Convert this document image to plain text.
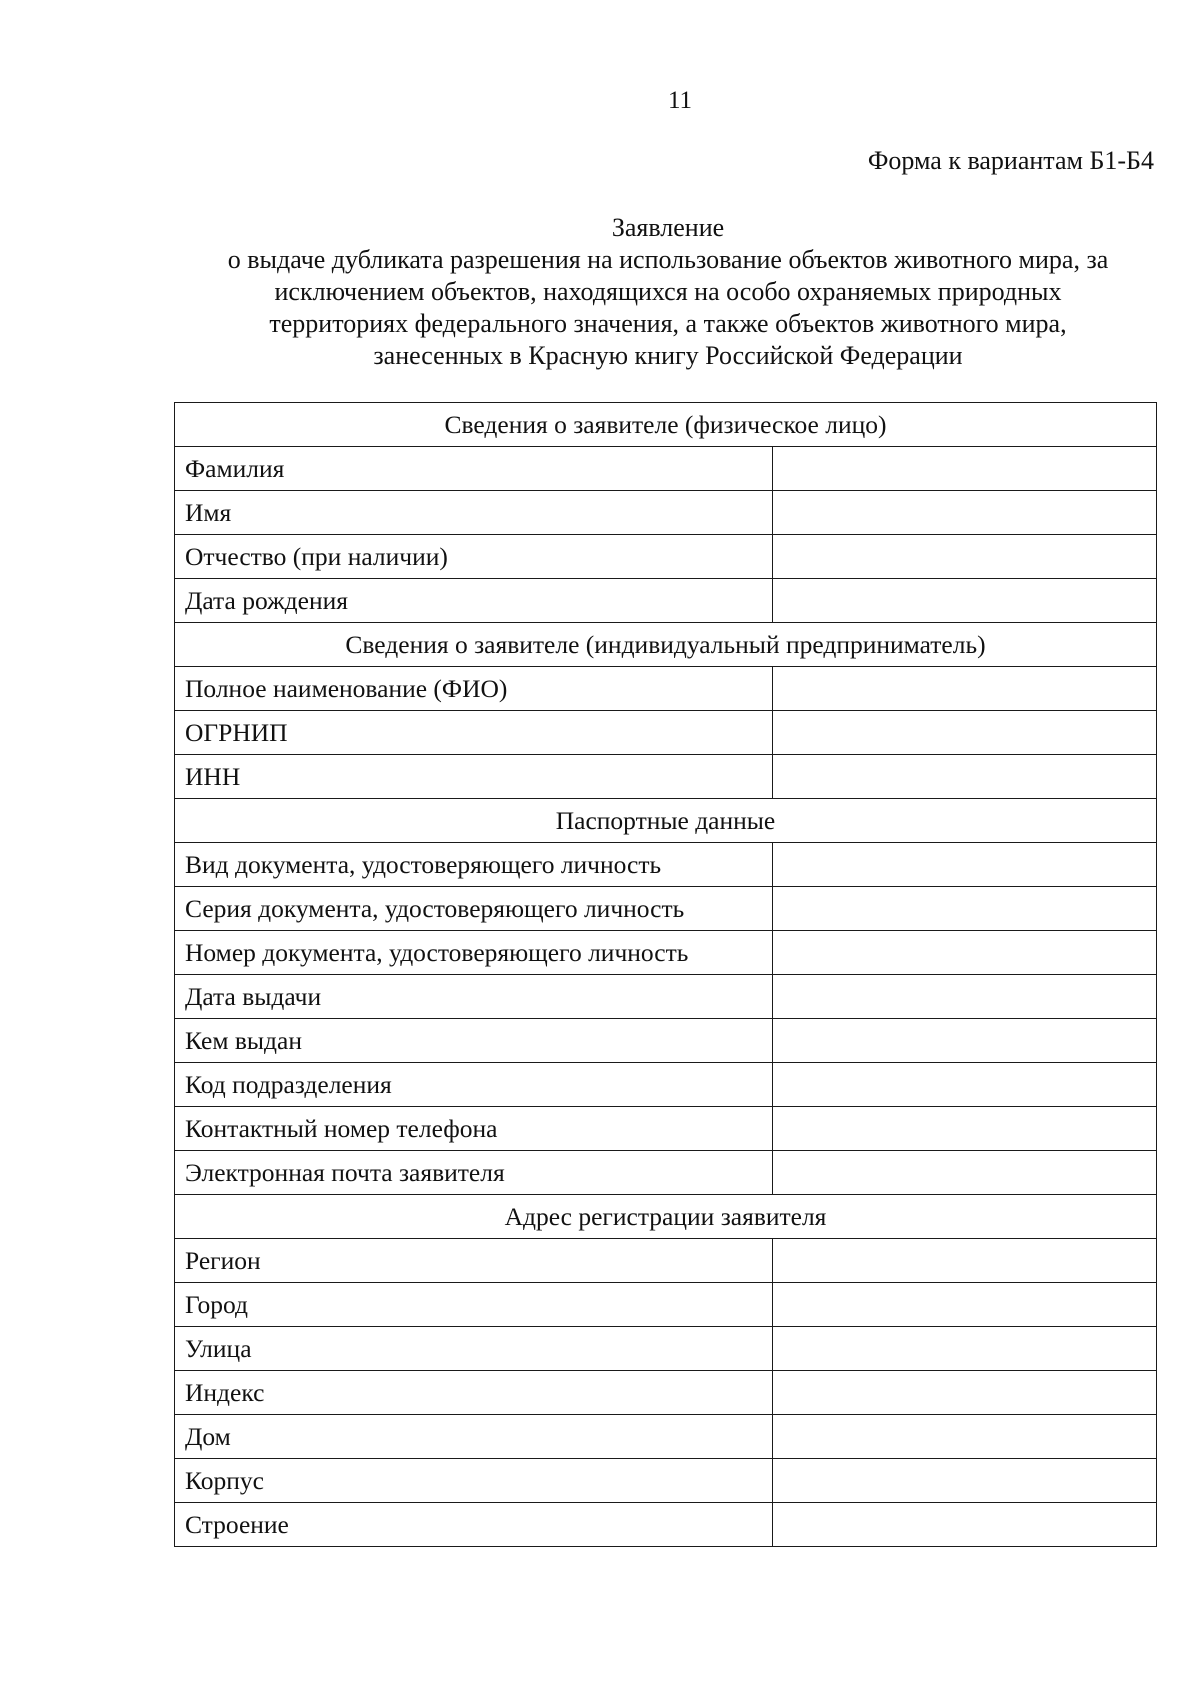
11
Форма к вариантам Б1-Б4
Заявление
о выдаче дубликата разрешения на использование объектов животного мира, за
исключением объектов, находящихся на особо охраняемых природных
территориях федерального значения, а также объектов животного мира,
занесенных в Красную книгу Российской Федерации
Сведения о заявителе (физическое лицо)	
Фамилия	
Имя	
Отчество (при наличии)	
Дата рождения	
Сведения о заявителе (индивидуальный предприниматель)	
Полное наименование (ФИО)	
ОГРНИП	
ИНН	
Паспортные данные	
Вид документа, удостоверяющего личность	
Серия документа, удостоверяющего личность	
Номер документа, удостоверяющего личность	
Дата выдачи	
Кем выдан	
Код подразделения	
Контактный номер телефона	
Электронная почта заявителя	
Адрес регистрации заявителя	
Регион	
Город	
Улица	
Индекс	
Дом	
Корпус	
Строение	
